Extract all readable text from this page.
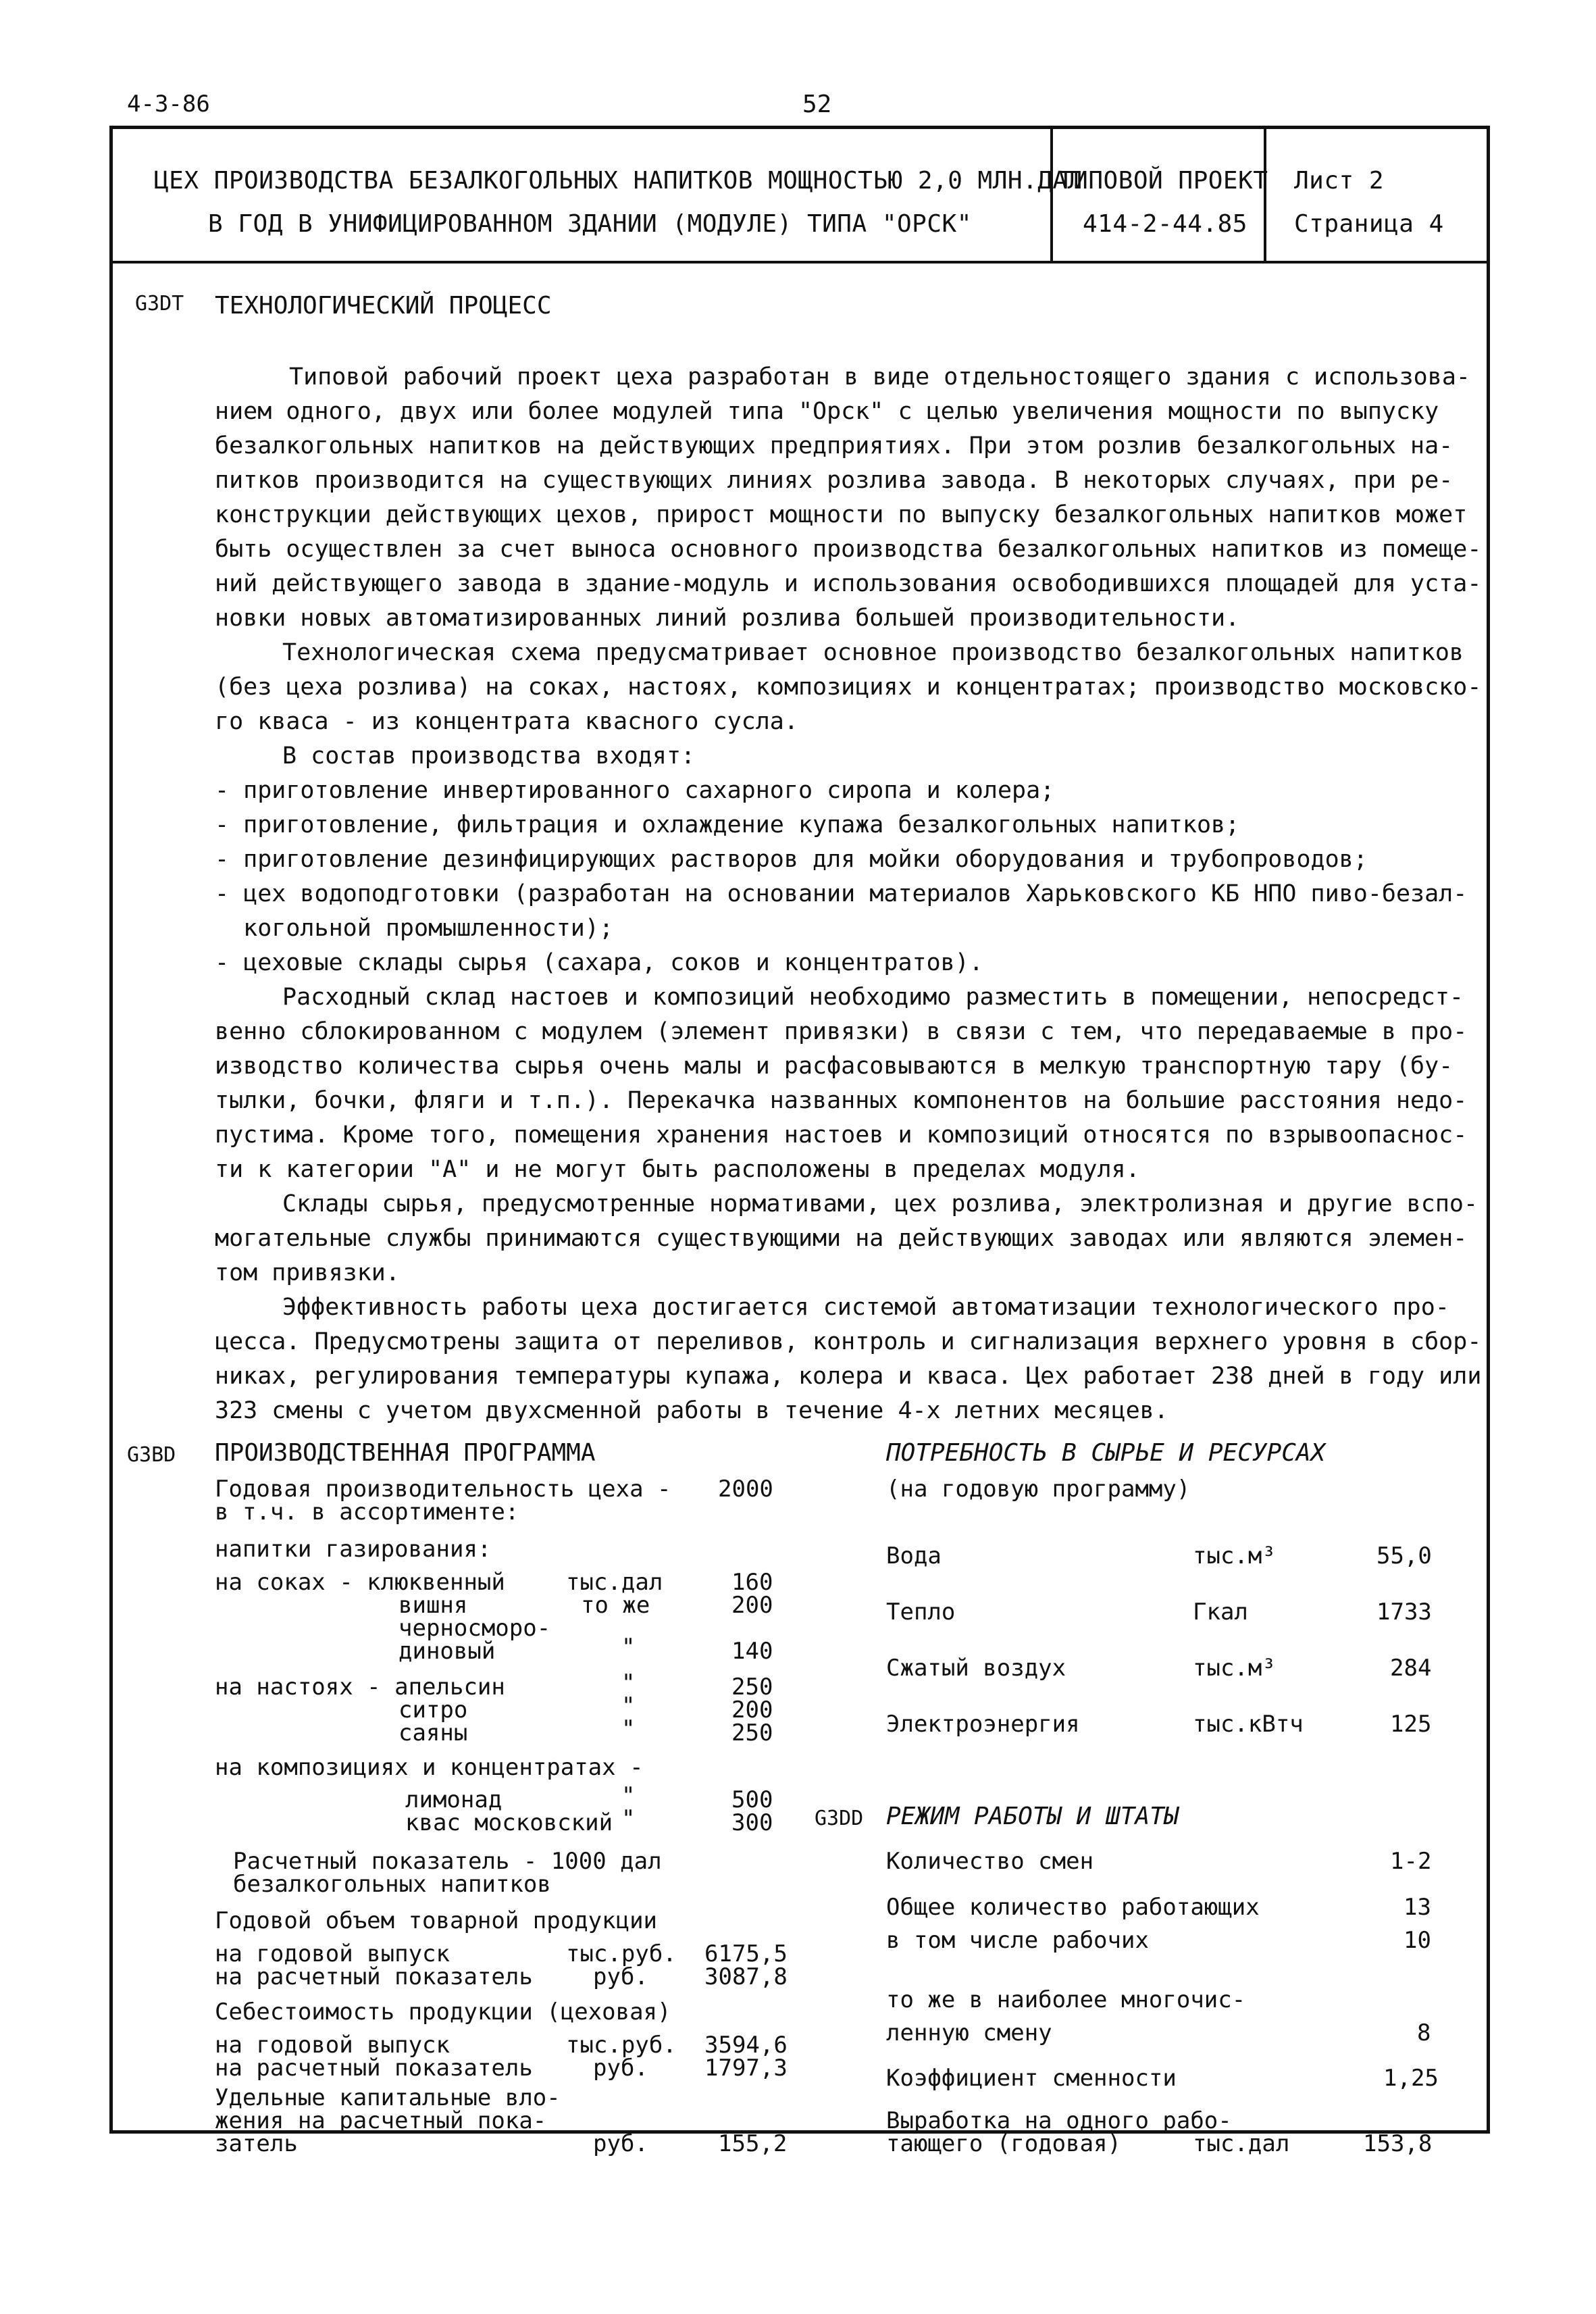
4-3-86	52
ЦЕХ ПРОИЗВОДСТВА БЕЗАЛКОГОЛЬНЫХ НАПИТКОВ МОЩНОСТЬЮ 2,0 МЛН.ДАЛ
В ГОД В УНИФИЦИРОВАННОМ ЗДАНИИ (МОДУЛЕ) ТИПА "ОРСК"
ТИПОВОЙ ПРОЕКТ
414-2-44.85
Лист 2
Страница 4
G3DT ТЕХНОЛОГИЧЕСКИЙ ПРОЦЕСС
Типовой рабочий проект цеха разработан в виде отдельностоящего здания с использова-
нием одного, двух или более модулей типа "Орск" с целью увеличения мощности по выпуску
безалкогольных напитков на действующих предприятиях. При этом розлив безалкогольных на-
питков производится на существующих линиях розлива завода. В некоторых случаях, при ре-
конструкции действующих цехов, прирост мощности по выпуску безалкогольных напитков может
быть осуществлен за счет выноса основного производства безалкогольных напитков из помеще-
ний действующего завода в здание-модуль и использования освободившихся площадей для уста-
новки новых автоматизированных линий розлива большей производительности.
Технологическая схема предусматривает основное производство безалкогольных напитков
(без цеха розлива) на соках, настоях, композициях и концентратах; производство московско-
го кваса - из концентрата квасного сусла.
В состав производства входят:
- приготовление инвертированного сахарного сиропа и колера;
- приготовление, фильтрация и охлаждение купажа безалкогольных напитков;
- приготовление дезинфицирующих растворов для мойки оборудования и трубопроводов;
- цех водоподготовки (разработан на основании материалов Харьковского КБ НПО пиво-безал-
когольной промышленности);
- цеховые склады сырья (сахара, соков и концентратов).
Расходный склад настоев и композиций необходимо разместить в помещении, непосредст-
венно сблокированном с модулем (элемент привязки) в связи с тем, что передаваемые в про-
изводство количества сырья очень малы и расфасовываются в мелкую транспортную тару (бу-
тылки, бочки, фляги и т.п.). Перекачка названных компонентов на большие расстояния недо-
пустима. Кроме того, помещения хранения настоев и композиций относятся по взрывоопаснос-
ти к категории "А" и не могут быть расположены в пределах модуля.
Склады сырья, предусмотренные нормативами, цех розлива, электролизная и другие вспо-
могательные службы принимаются существующими на действующих заводах или являются элемен-
том привязки.
Эффективность работы цеха достигается системой автоматизации технологического про-
цесса. Предусмотрены защита от переливов, контроль и сигнализация верхнего уровня в сбор-
никах, регулирования температуры купажа, колера и кваса. Цех работает 238 дней в году или
323 смены с учетом двухсменной работы в течение 4-х летних месяцев.
G3BD ПРОИЗВОДСТВЕННАЯ ПРОГРАММА
Годовая производительность цеха - 2000
в т.ч. в ассортименте:
напитки газирования:
на соках - клюквенный	тыс.дал	160
вишня	то же	200
черносморо-
диновый	"	140
на настоях - апельсин	"	250
ситро	"	200
саяны	"	250
на композициях и концентратах -
лимонад	"	500
квас московский "	300
Расчетный показатель - 1000 дал
безалкогольных напитков
Годовой объем товарной продукции
на годовой выпуск	тыс.руб. 6175,5
на расчетный показатель	руб. 3087,8
Себестоимость продукции (цеховая)
на годовой выпуск	тыс.руб. 3594,6
на расчетный показатель	руб. 1797,3
Удельные капитальные вло-
жения на расчетный пока-
затель	руб.	155,2
ПОТРЕБНОСТЬ В СЫРЬЕ И РЕСУРСАХ
(на годовую программу)
Вода	тыс.м³	55,0
Тепло	Гкал	1733
Сжатый воздух	тыс.м³	284
Электроэнергия	тыс.кВтч	125
G3DD РЕЖИМ РАБОТЫ И ШТАТЫ
Количество смен	1-2
Общее количество работающих	13
в том числе рабочих	10
то же в наиболее многочис-
ленную смену	8
Коэффициент сменности	1,25
Выработка на одного рабо-
тающего (годовая)	тыс.дал	153,8
